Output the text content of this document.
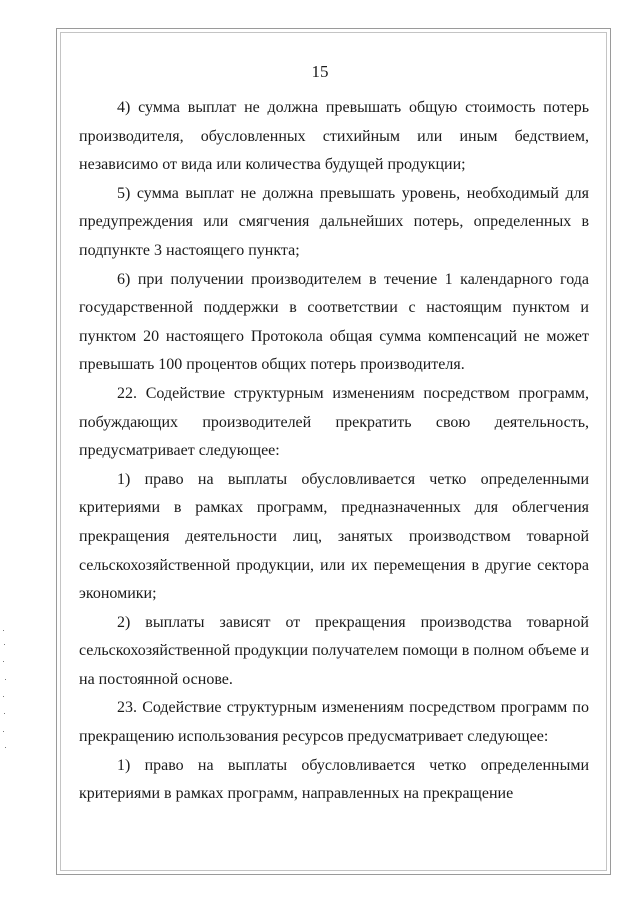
15

4) сумма выплат не должна превышать общую стоимость потерь производителя, обусловленных стихийным или иным бедствием, независимо от вида или количества будущей продукции;

5) сумма выплат не должна превышать уровень, необходимый для предупреждения или смягчения дальнейших потерь, определенных в подпункте 3 настоящего пункта;

6) при получении производителем в течение 1 календарного года государственной поддержки в соответствии с настоящим пунктом и пунктом 20 настоящего Протокола общая сумма компенсаций не может превышать 100 процентов общих потерь производителя.

22. Содействие структурным изменениям посредством программ, побуждающих производителей прекратить свою деятельность, предусматривает следующее:

1) право на выплаты обусловливается четко определенными критериями в рамках программ, предназначенных для облегчения прекращения деятельности лиц, занятых производством товарной сельскохозяйственной продукции, или их перемещения в другие сектора экономики;

2) выплаты зависят от прекращения производства товарной сельскохозяйственной продукции получателем помощи в полном объеме и на постоянной основе.

23. Содействие структурным изменениям посредством программ по прекращению использования ресурсов предусматривает следующее:

1) право на выплаты обусловливается четко определенными критериями в рамках программ, направленных на прекращение
